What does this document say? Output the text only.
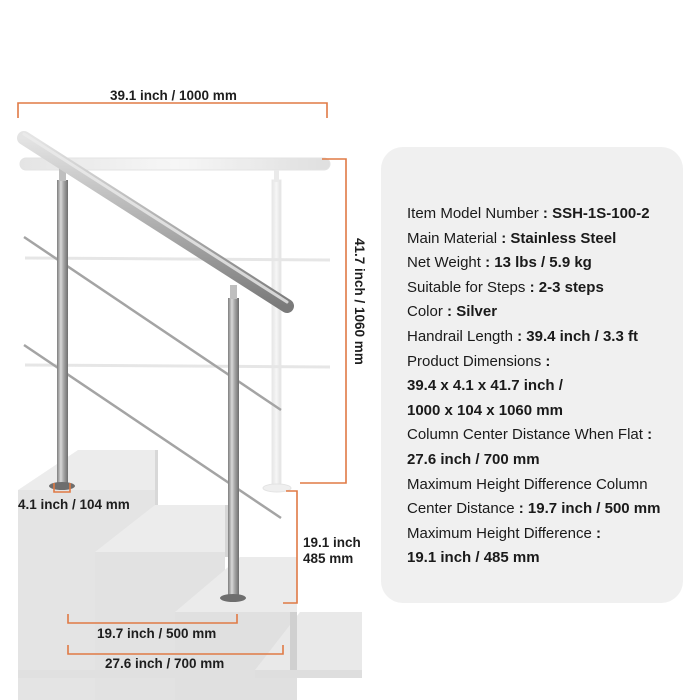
39.1 inch / 1000 mm
41.7 inch / 1060 mm
4.1 inch / 104 mm
19.1 inch
485 mm
19.7 inch / 500 mm
27.6 inch / 700 mm
Item Model Number : SSH-1S-100-2
Main Material : Stainless Steel
Net Weight : 13 lbs / 5.9 kg
Suitable for Steps : 2-3 steps
Color : Silver
Handrail Length : 39.4 inch / 3.3 ft
Product Dimensions :
39.4 x 4.1 x 41.7 inch /
1000 x 104 x 1060 mm
Column Center Distance When Flat :
27.6 inch / 700 mm
Maximum Height Difference Column
Center Distance : 19.7 inch / 500 mm
Maximum Height Difference :
19.1 inch / 485 mm
